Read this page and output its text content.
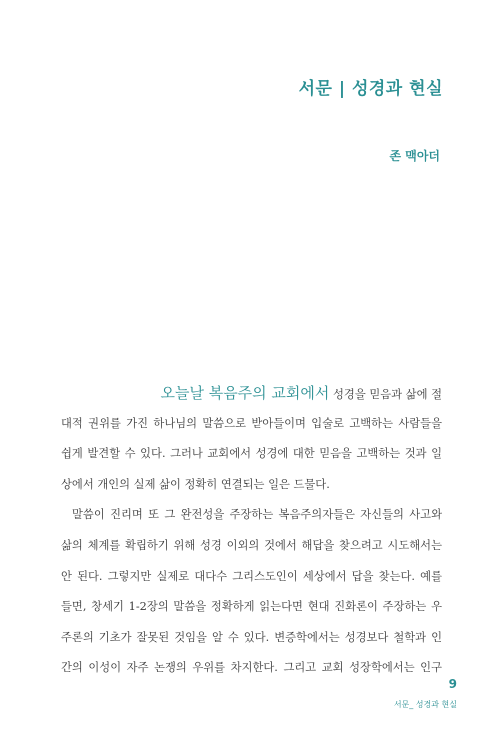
서문 | 성경과 현실
존 맥아더
오늘날 복음주의 교회에서 성경을 믿음과 삶에 절
대적 권위를 가진 하나님의 말씀으로 받아들이며 입술로 고백하는 사람들을
쉽게 발견할 수 있다. 그러나 교회에서 성경에 대한 믿음을 고백하는 것과 일
상에서 개인의 실제 삶이 정확히 연결되는 일은 드물다.
말씀이 진리며 또 그 완전성을 주장하는 복음주의자들은 자신들의 사고와
삶의 체계를 확립하기 위해 성경 이외의 것에서 해답을 찾으려고 시도해서는
안 된다. 그렇지만 실제로 대다수 그리스도인이 세상에서 답을 찾는다. 예를
들면, 창세기 1-2장의 말씀을 정확하게 읽는다면 현대 진화론이 주장하는 우
주론의 기초가 잘못된 것임을 알 수 있다. 변증학에서는 성경보다 철학과 인
간의 이성이 자주 논쟁의 우위를 차지한다. 그리고 교회 성장학에서는 인구
9
서문_ 성경과 현실
